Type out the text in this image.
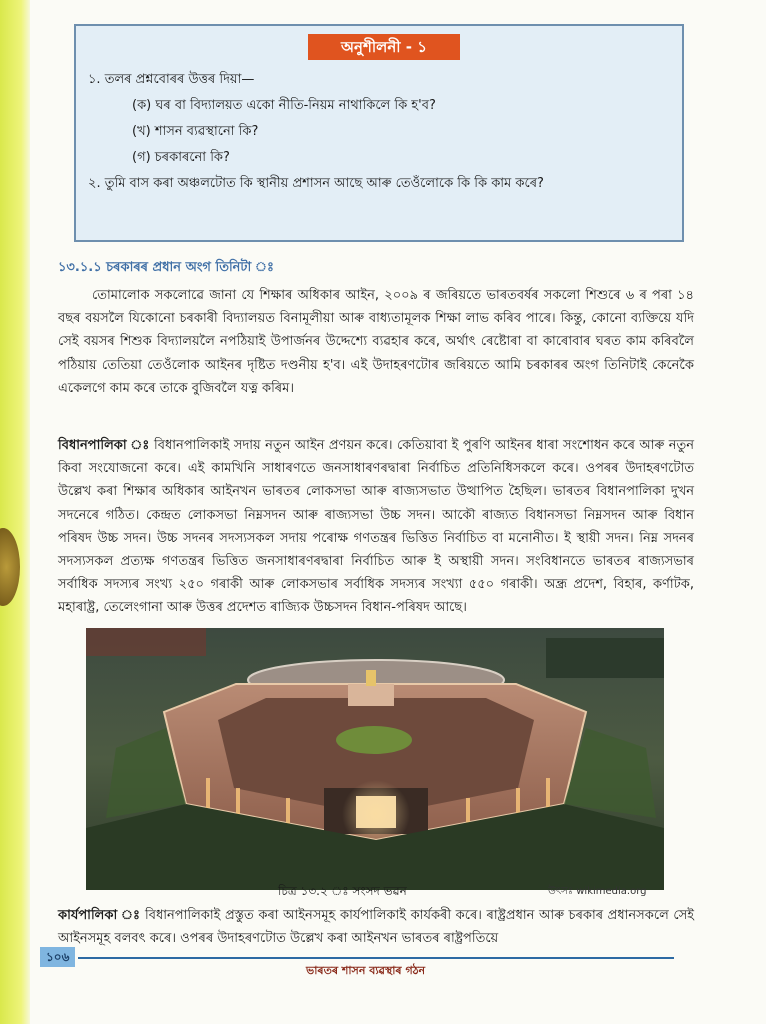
অনুশীলনী - ১
১. তলৰ প্ৰশ্নবোৰৰ উত্তৰ দিয়া—
(ক) ঘৰ বা বিদ্যালয়ত একো নীতি-নিয়ম নাথাকিলে কি হ'ব?
(খ) শাসন ব্যৱস্থানো কি?
(গ) চৰকাৰনো কি?
২. তুমি বাস কৰা অঞ্চলটোত কি স্থানীয় প্ৰশাসন আছে আৰু তেওঁলোকে কি কি কাম কৰে?
১৩.১.১ চৰকাৰৰ প্ৰধান অংগ তিনিটা ঃ
তোমালোক সকলোৱে জানা যে শিক্ষাৰ অধিকাৰ আইন, ২০০৯ ৰ জৰিয়তে ভাৰতবৰ্ষৰ সকলো শিশুৰে ৬ ৰ পৰা ১৪ বছৰ বয়সলৈ যিকোনো চৰকাৰী বিদ্যালয়ত বিনামূলীয়া আৰু বাধ্যতামূলক শিক্ষা লাভ কৰিব পাৰে। কিন্তু, কোনো ব্যক্তিয়ে যদি সেই বয়সৰ শিশুক বিদ্যালয়লৈ নপঠিয়াই উপাৰ্জনৰ উদ্দেশ্যে ব্যৱহাৰ কৰে, অৰ্থাৎ ৰেষ্টোৰা বা কাৰোবাৰ ঘৰত কাম কৰিবলৈ পঠিয়ায় তেতিয়া তেওঁলোক আইনৰ দৃষ্টিত দণ্ডনীয় হ'ব। এই উদাহৰণটোৰ জৰিয়তে আমি চৰকাৰৰ অংগ তিনিটাই কেনেকৈ একেলগে কাম কৰে তাকে বুজিবলৈ যত্ন কৰিম।
বিধানপালিকা ঃ বিধানপালিকাই সদায় নতুন আইন প্ৰণয়ন কৰে। কেতিয়াবা ই পুৰণি আইনৰ ধাৰা সংশোধন কৰে আৰু নতুন কিবা সংযোজনো কৰে। এই কামখিনি সাধাৰণতে জনসাধাৰণৰদ্বাৰা নিৰ্বাচিত প্ৰতিনিধিসকলে কৰে। ওপৰৰ উদাহৰণটোত উল্লেখ কৰা শিক্ষাৰ অধিকাৰ আইনখন ভাৰতৰ লোকসভা আৰু ৰাজ্যসভাত উত্থাপিত হৈছিল। ভাৰতৰ বিধানপালিকা দুখন সদনেৰে গঠিত। কেন্দ্ৰত লোকসভা নিম্নসদন আৰু ৰাজ্যসভা উচ্চ সদন। আকৌ ৰাজ্যত বিধানসভা নিম্নসদন আৰু বিধান পৰিষদ উচ্চ সদন। উচ্চ সদনৰ সদস্যসকল সদায় পৰোক্ষ গণতন্ত্ৰৰ ভিত্তিত নিৰ্বাচিত বা মনোনীত। ই স্থায়ী সদন। নিম্ন সদনৰ সদস্যসকল প্ৰত্যক্ষ গণতন্ত্ৰৰ ভিত্তিত জনসাধাৰণৰদ্বাৰা নিৰ্বাচিত আৰু ই অস্থায়ী সদন। সংবিধানতে ভাৰতৰ ৰাজ্যসভাৰ সৰ্বাধিক সদস্যৰ সংখ্য ২৫০ গৰাকী আৰু লোকসভাৰ সৰ্বাধিক সদস্যৰ সংখ্যা ৫৫০ গৰাকী। অন্ধ্ৰ প্ৰদেশ, বিহাৰ, কৰ্ণাটক, মহাৰাষ্ট্ৰ, তেলেংগানা আৰু উত্তৰ প্ৰদেশত ৰাজ্যিক উচ্চসদন বিধান-পৰিষদ আছে।
চিত্ৰ ১৩.২ ঃ সংসদ ভৱন	উৎসঃ wikimedia.org
কাৰ্যপালিকা ঃ বিধানপালিকাই প্ৰস্তুত কৰা আইনসমূহ কাৰ্যপালিকাই কাৰ্যকৰী কৰে। ৰাষ্ট্ৰপ্ৰধান আৰু চৰকাৰ প্ৰধানসকলে সেই আইনসমূহ বলবৎ কৰে। ওপৰৰ উদাহৰণটোত উল্লেখ কৰা আইনখন ভাৰতৰ ৰাষ্ট্ৰপতিয়ে
১০৬
ভাৰতৰ শাসন ব্যৱস্থাৰ গঠন
